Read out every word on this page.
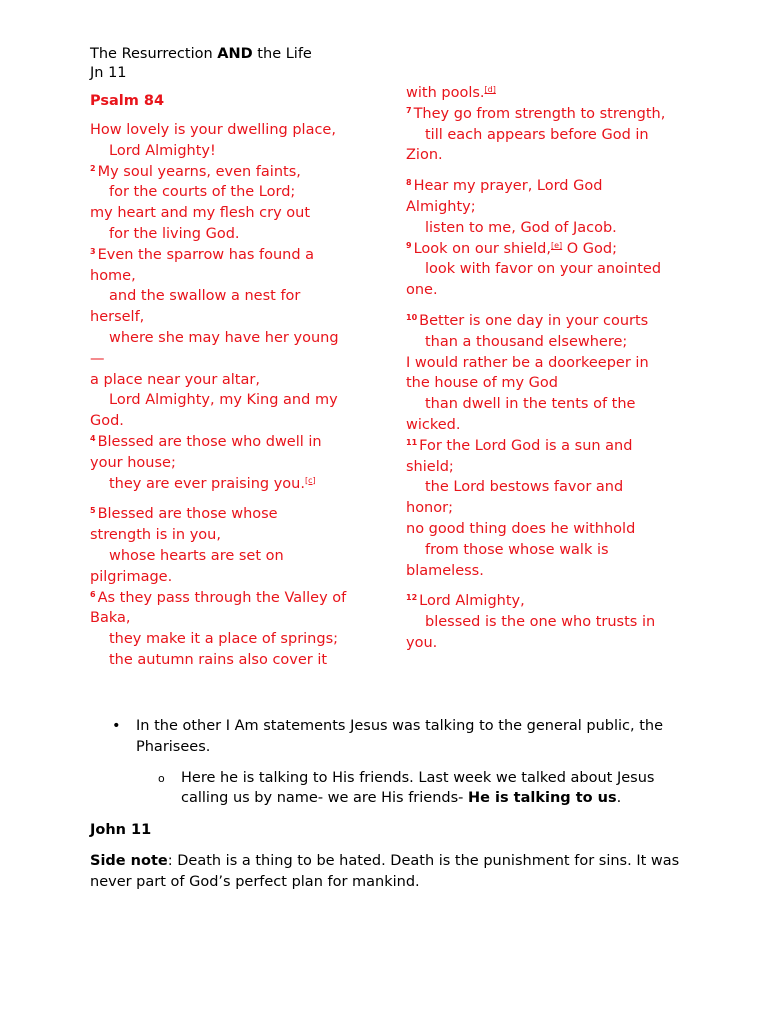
The Resurrection AND the Life
Jn 11
Psalm 84
How lovely is your dwelling place,
Lord Almighty!
$^2$ My soul yearns, even faints,
for the courts of the Lord;
my heart and my flesh cry out
for the living God.
$^3$ Even the sparrow has found a
home,
and the swallow a nest for
herself,
where she may have her young
—
a place near your altar,
Lord Almighty, my King and my
God.
$^4$ Blessed are those who dwell in
your house;
they are ever praising you.[c]
$^5$ Blessed are those whose
strength is in you,
whose hearts are set on
pilgrimage.
$^6$ As they pass through the Valley of
Baka,
they make it a place of springs;
the autumn rains also cover it
with pools.[d]
$^7$ They go from strength to strength,
till each appears before God in
Zion.
$^8$ Hear my prayer, Lord God
Almighty;
listen to me, God of Jacob.
$^9$ Look on our shield,[e] O God;
look with favor on your anointed
one.
$^{10}$ Better is one day in your courts
than a thousand elsewhere;
I would rather be a doorkeeper in
the house of my God
than dwell in the tents of the
wicked.
$^{11}$ For the Lord God is a sun and
shield;
the Lord bestows favor and
honor;
no good thing does he withhold
from those whose walk is
blameless.
$^{12}$ Lord Almighty,
blessed is the one who trusts in
you.
• In the other I Am statements Jesus was talking to the general public, the Pharisees.
o Here he is talking to His friends. Last week we talked about Jesus calling us by name- we are His friends- He is talking to us.
John 11
Side note: Death is a thing to be hated. Death is the punishment for sins. It was never part of God’s perfect plan for mankind.
